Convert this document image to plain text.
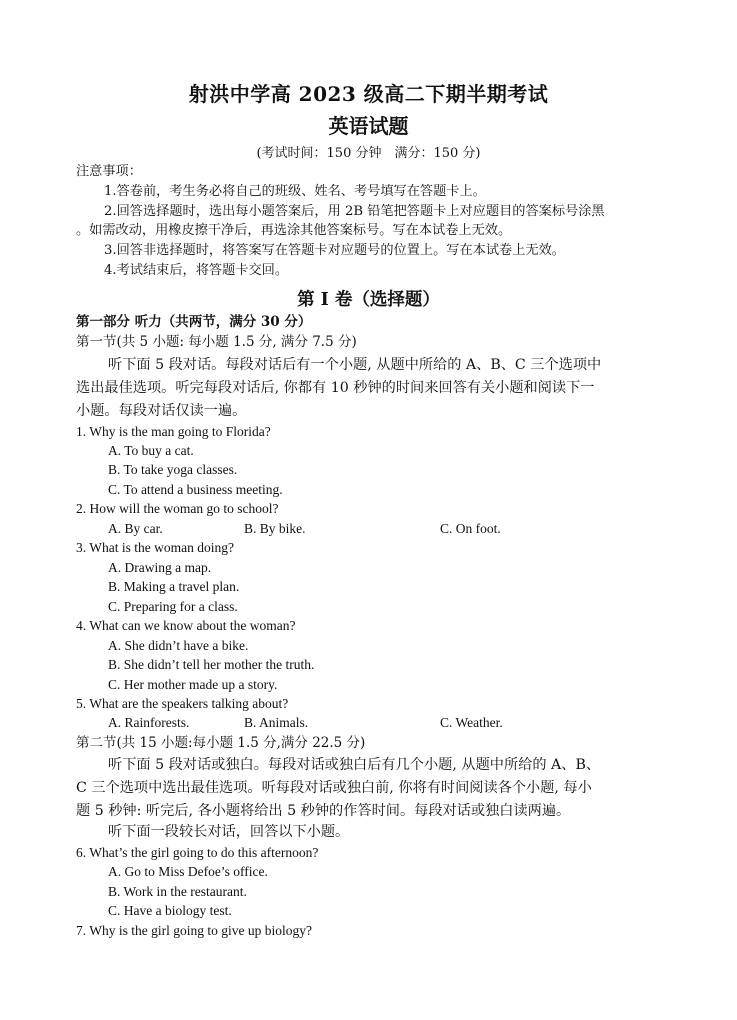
射洪中学高 2023 级高二下期半期考试
英语试题
(考试时间：150 分钟　满分：150 分)
注意事项：
1.答卷前，考生务必将自己的班级、姓名、考号填写在答题卡上。
2.回答选择题时，选出每小题答案后，用 2B 铅笔把答题卡上对应题目的答案标号涂黑
。如需改动，用橡皮擦干净后，再选涂其他答案标号。写在本试卷上无效。
3.回答非选择题时，将答案写在答题卡对应题号的位置上。写在本试卷上无效。
4.考试结束后，将答题卡交回。
第 I 卷（选择题）
第一部分 听力（共两节，满分 30 分）
第一节(共 5 小题: 每小题 1.5 分, 满分 7.5 分)
听下面 5 段对话。每段对话后有一个小题, 从题中所给的 A、B、C 三个选项中
选出最佳选项。听完每段对话后, 你都有 10 秒钟的时间来回答有关小题和阅读下一
小题。每段对话仅读一遍。
1. Why is the man going to Florida?
A. To buy a cat.
B. To take yoga classes.
C. To attend a business meeting.
2. How will the woman go to school?
A. By car.	B. By bike.	C. On foot.
3. What is the woman doing?
A. Drawing a map.
B. Making a travel plan.
C. Preparing for a class.
4. What can we know about the woman?
A. She didn’t have a bike.
B. She didn’t tell her mother the truth.
C. Her mother made up a story.
5. What are the speakers talking about?
A. Rainforests.	B. Animals.	C. Weather.
第二节(共 15 小题:每小题 1.5 分,满分 22.5 分)
听下面 5 段对话或独白。每段对话或独白后有几个小题, 从题中所给的 A、B、
C 三个选项中选出最佳选项。听每段对话或独白前, 你将有时间阅读各个小题, 每小
题 5 秒钟: 听完后, 各小题将给出 5 秒钟的作答时间。每段对话或独白读两遍。
听下面一段较长对话，回答以下小题。
6. What’s the girl going to do this afternoon?
A. Go to Miss Defoe’s office.
B. Work in the restaurant.
C. Have a biology test.
7. Why is the girl going to give up biology?
